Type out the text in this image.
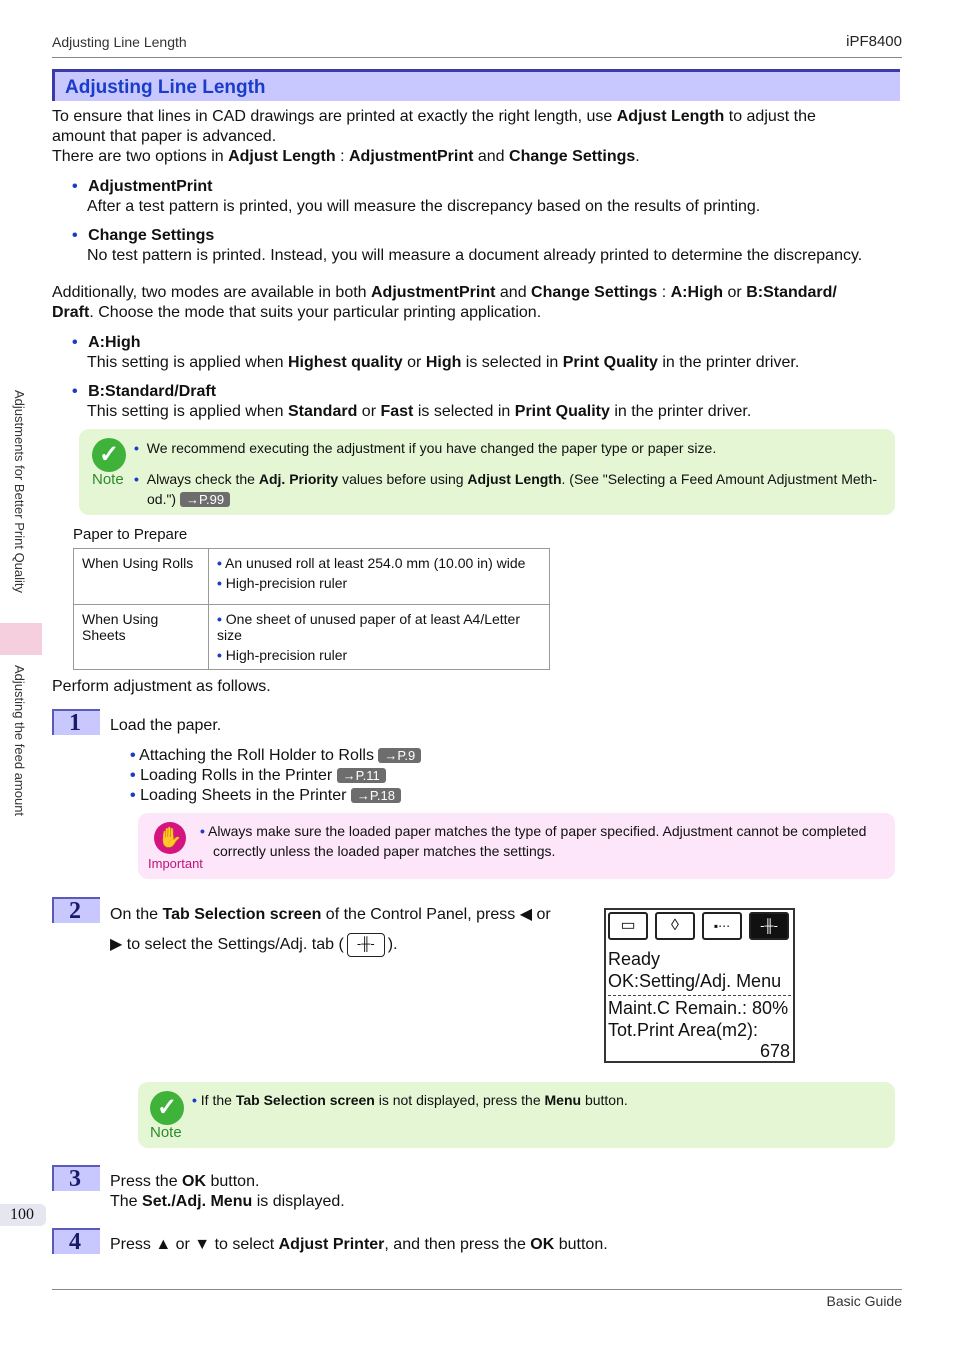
Adjusting Line Length	iPF8400
Adjusting Line Length
To ensure that lines in CAD drawings are printed at exactly the right length, use Adjust Length to adjust the
amount that paper is advanced.
There are two options in Adjust Length : AdjustmentPrint and Change Settings.
• AdjustmentPrint
After a test pattern is printed, you will measure the discrepancy based on the results of printing.
• Change Settings
No test pattern is printed. Instead, you will measure a document already printed to determine the discrepancy.
Additionally, two modes are available in both AdjustmentPrint and Change Settings : A:High or B:Standard/
Draft. Choose the mode that suits your particular printing application.
• A:High
This setting is applied when Highest quality or High is selected in Print Quality in the printer driver.
• B:Standard/Draft
This setting is applied when Standard or Fast is selected in Print Quality in the printer driver.
✓
Note
• We recommend executing the adjustment if you have changed the paper type or paper size.
• Always check the Adj. Priority values before using Adjust Length. (See "Selecting a Feed Amount Adjustment Meth-
od.") →P.99
Paper to Prepare
When Using Rolls	• An unused roll at least 254.0 mm (10.00 in) wide
• High-precision ruler

When Using Sheets	• One sheet of unused paper of at least A4/Letter size
• High-precision ruler
Perform adjustment as follows.
1	Load the paper.
• Attaching the Roll Holder to Rolls →P.9
• Loading Rolls in the Printer →P.11
• Loading Sheets in the Printer →P.18
✋
Important
• Always make sure the loaded paper matches the type of paper specified. Adjustment cannot be completed
correctly unless the loaded paper matches the settings.
2	On the Tab Selection screen of the Control Panel, press ◀ or
▶ to select the Settings/Adj. tab ( -╫- ).
▭	◊	▪⋯	-╫-
Ready
OK:Setting/Adj. Menu
Maint.C Remain.: 80%
Tot.Print Area(m2):
678
✓
Note
• If the Tab Selection screen is not displayed, press the Menu button.
3	Press the OK button.
The Set./Adj. Menu is displayed.
4	Press ▲ or ▼ to select Adjust Printer, and then press the OK button.
Adjustments for Better Print Quality
Adjusting the feed amount
100
Basic Guide
